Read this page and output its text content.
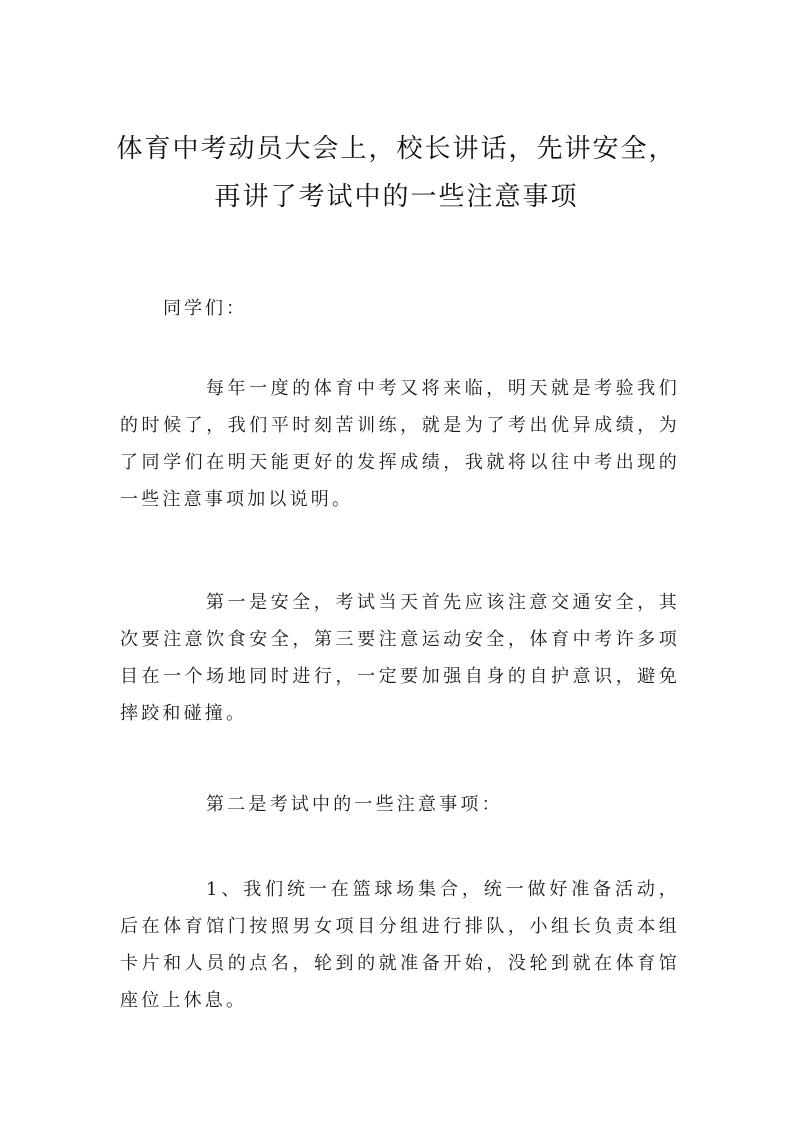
体育中考动员大会上，校长讲话，先讲安全，
再讲了考试中的一些注意事项
同学们：
每年一度的体育中考又将来临，明天就是考验我们的时候了，我们平时刻苦训练，就是为了考出优异成绩，为了同学们在明天能更好的发挥成绩，我就将以往中考出现的一些注意事项加以说明。
第一是安全，考试当天首先应该注意交通安全，其次要注意饮食安全，第三要注意运动安全，体育中考许多项目在一个场地同时进行，一定要加强自身的自护意识，避免摔跤和碰撞。
第二是考试中的一些注意事项：
1、我们统一在篮球场集合，统一做好准备活动，后在体育馆门按照男女项目分组进行排队，小组长负责本组卡片和人员的点名，轮到的就准备开始，没轮到就在体育馆座位上休息。
